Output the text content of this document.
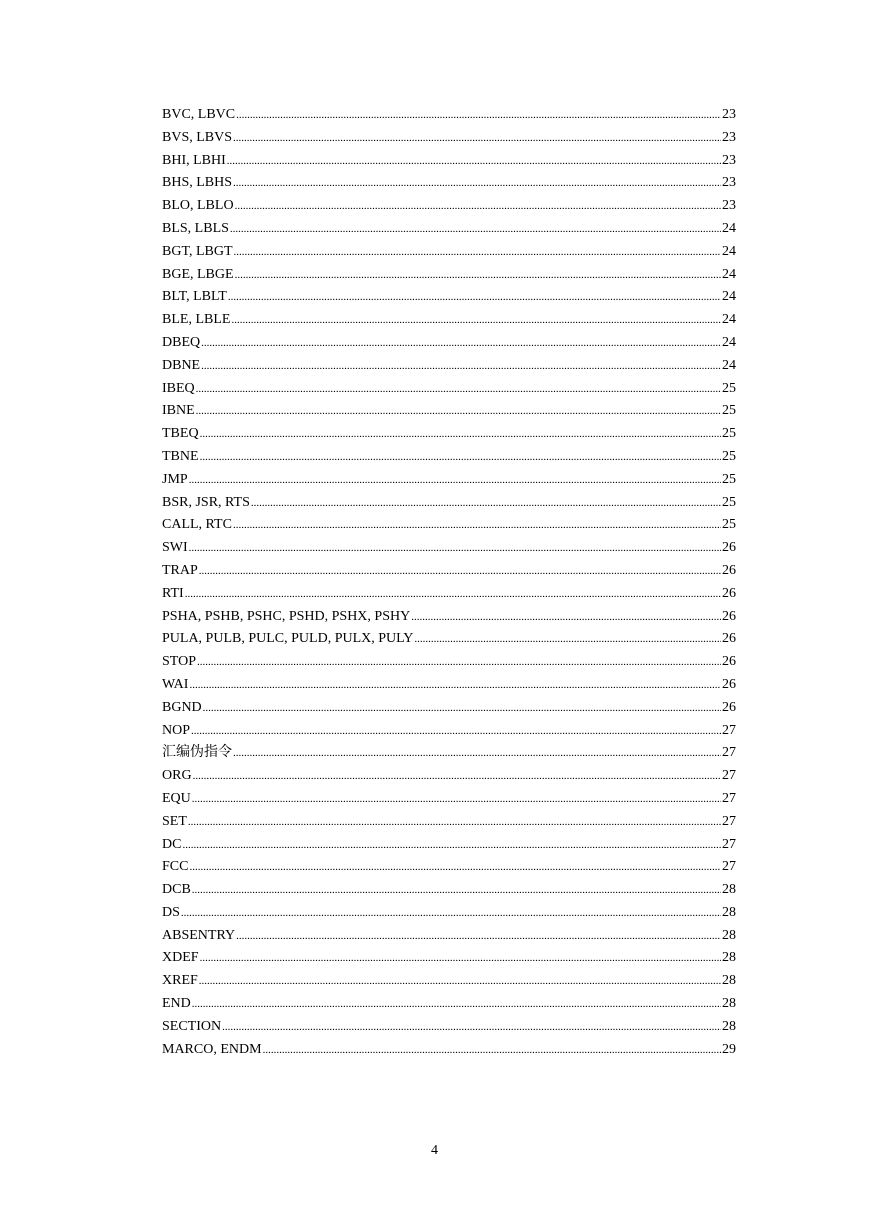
BVC, LBVC .....	23
BVS, LBVS .....	23
BHI, LBHI .....	23
BHS, LBHS .....	23
BLO, LBLO .....	23
BLS, LBLS .....	24
BGT, LBGT .....	24
BGE, LBGE .....	24
BLT, LBLT .....	24
BLE, LBLE .....	24
DBEQ .....	24
DBNE .....	24
IBEQ .....	25
IBNE .....	25
TBEQ .....	25
TBNE .....	25
JMP .....	25
BSR, JSR, RTS .....	25
CALL, RTC .....	25
SWI .....	26
TRAP .....	26
RTI .....	26
PSHA, PSHB, PSHC, PSHD, PSHX, PSHY .....	26
PULA, PULB, PULC, PULD, PULX, PULY .....	26
STOP .....	26
WAI .....	26
BGND .....	26
NOP .....	27
汇编伪指令 .....	27
ORG .....	27
EQU .....	27
SET .....	27
DC .....	27
FCC .....	27
DCB .....	28
DS .....	28
ABSENTRY .....	28
XDEF .....	28
XREF .....	28
END .....	28
SECTION .....	28
MARCO, ENDM .....	29
4
